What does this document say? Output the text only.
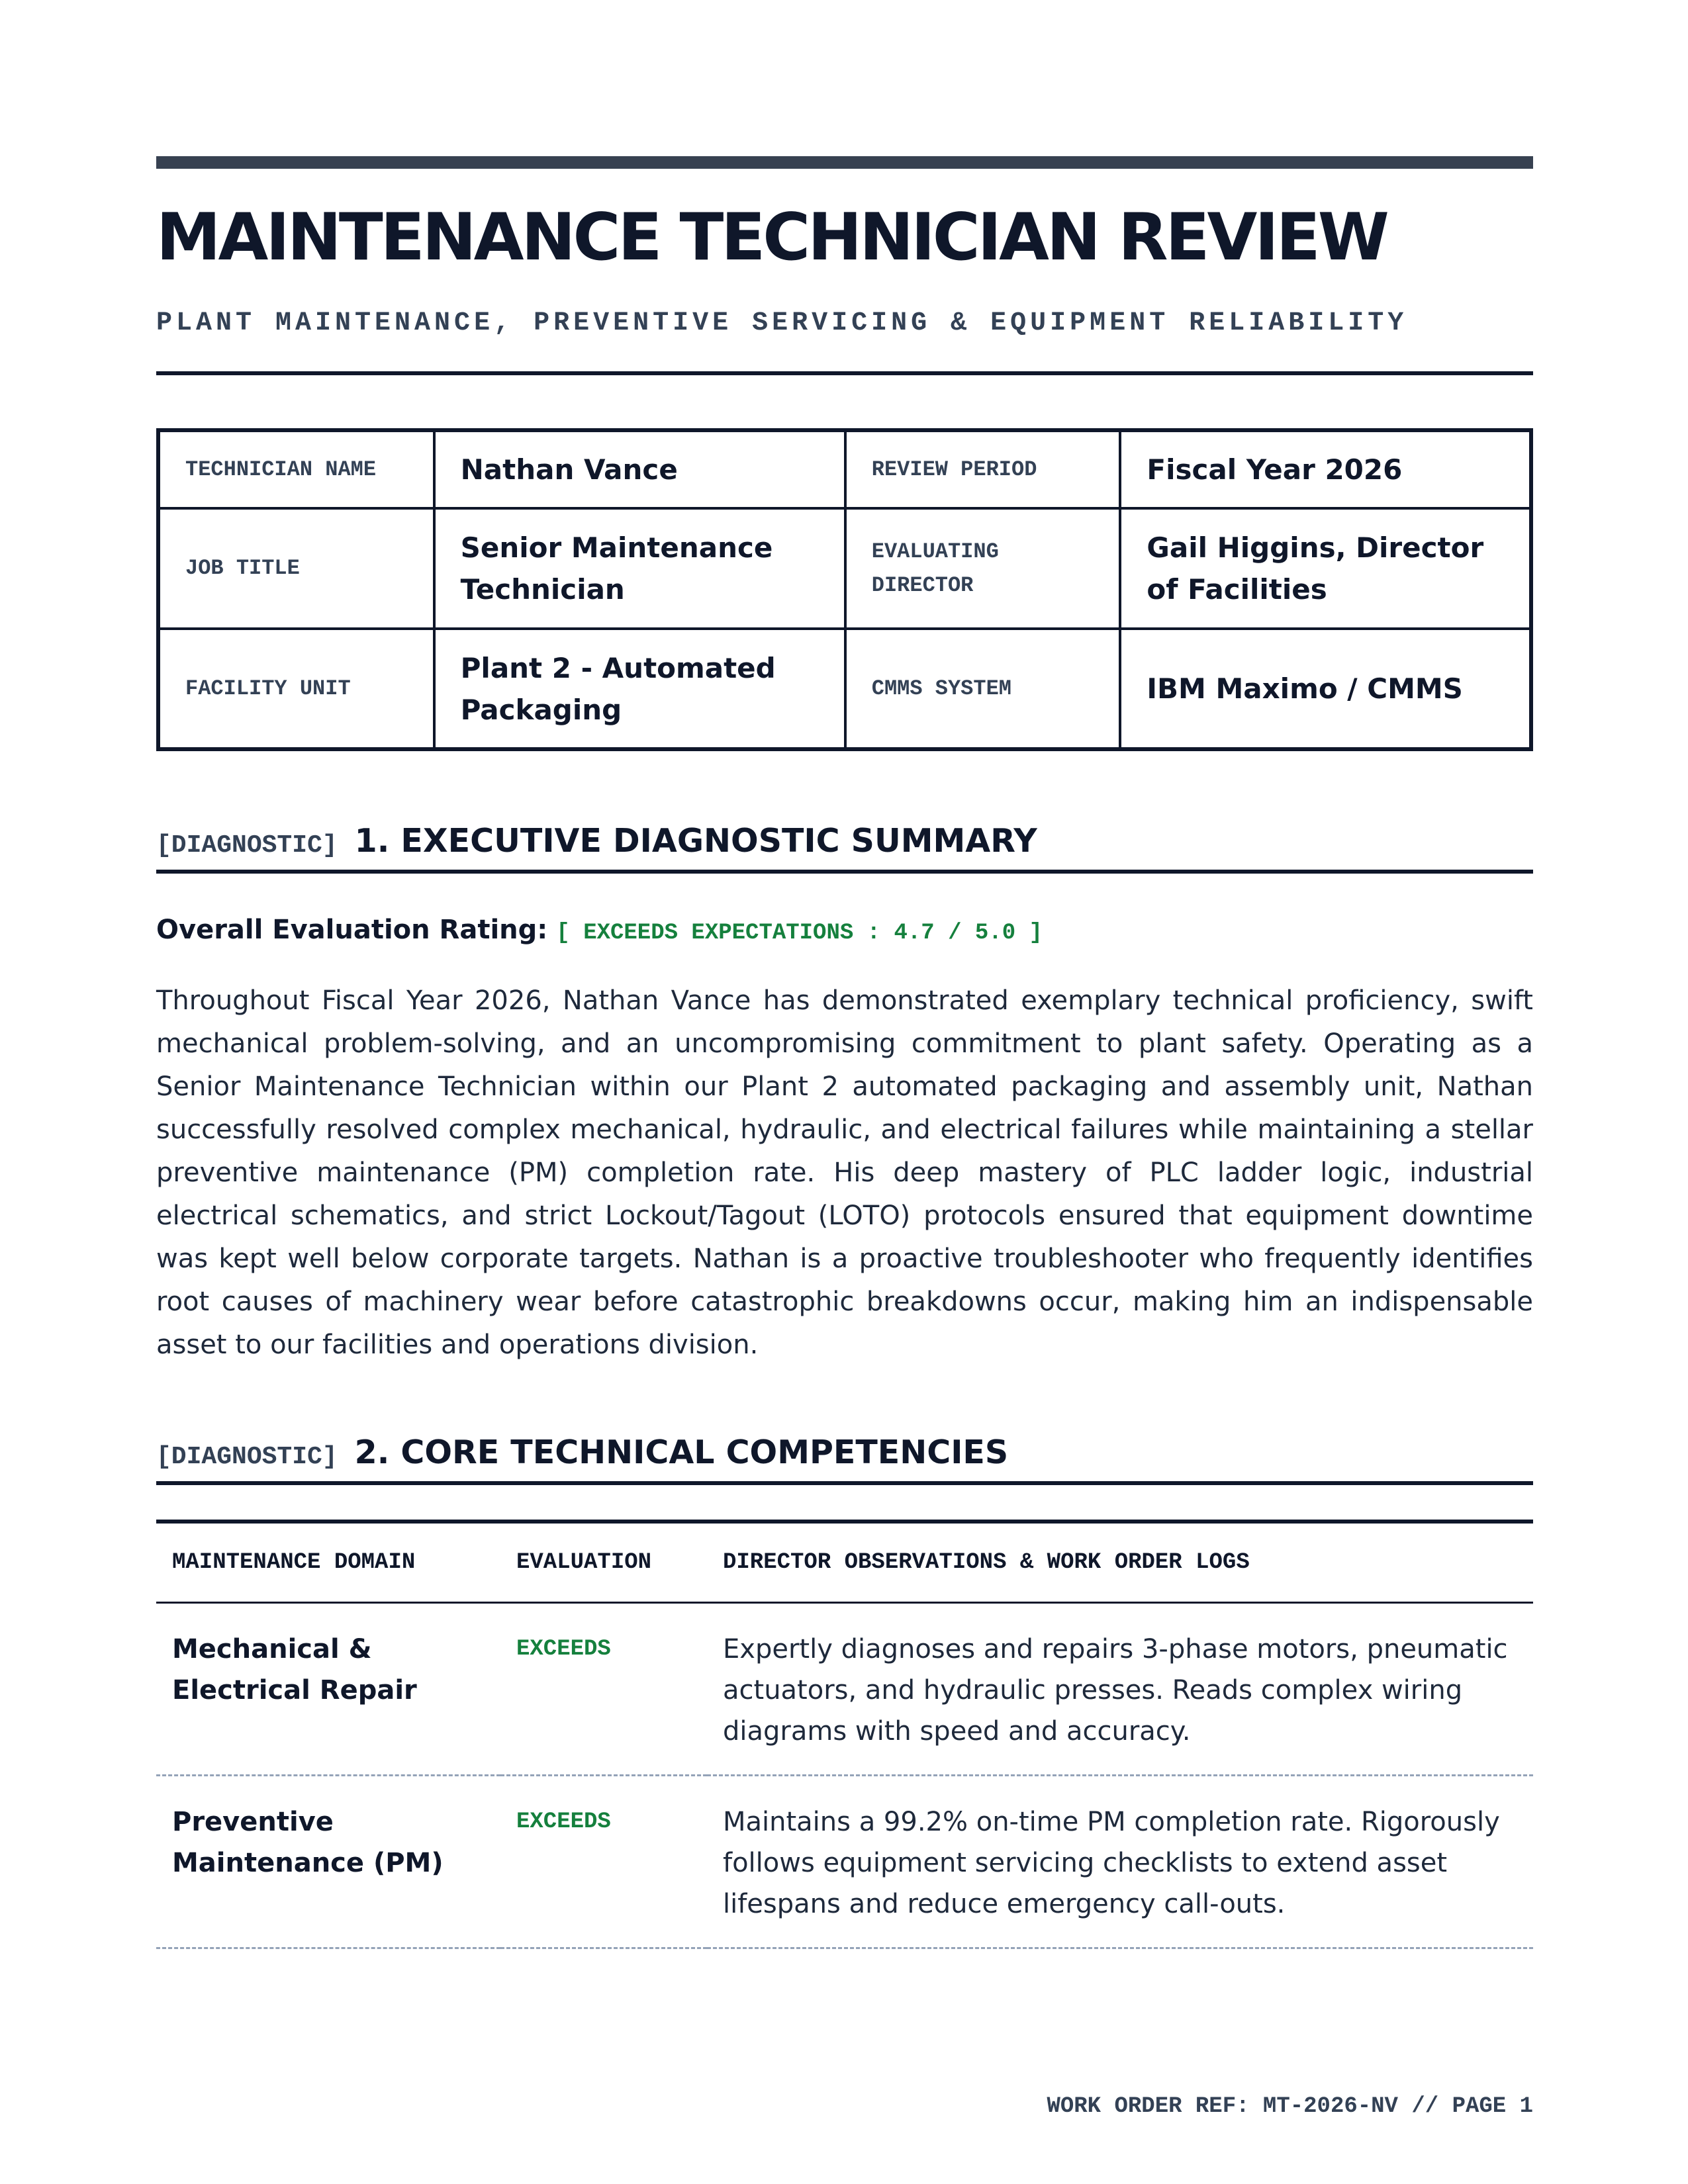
MAINTENANCE TECHNICIAN REVIEW
PLANT MAINTENANCE, PREVENTIVE SERVICING & EQUIPMENT RELIABILITY
TECHNICIAN NAME	Nathan Vance	REVIEW PERIOD	Fiscal Year 2026
JOB TITLE	Senior Maintenance Technician	EVALUATING DIRECTOR	Gail Higgins, Director of Facilities
FACILITY UNIT	Plant 2 - Automated Packaging	CMMS SYSTEM	IBM Maximo / CMMS
[DIAGNOSTIC] 1. EXECUTIVE DIAGNOSTIC SUMMARY
Overall Evaluation Rating: [ EXCEEDS EXPECTATIONS : 4.7 / 5.0 ]

Throughout Fiscal Year 2026, Nathan Vance has demonstrated exemplary technical proficiency, swift mechanical problem-solving, and an uncompromising commitment to plant safety. Operating as a Senior Maintenance Technician within our Plant 2 automated packaging and assembly unit, Nathan successfully resolved complex mechanical, hydraulic, and electrical failures while maintaining a stellar preventive maintenance (PM) completion rate. His deep mastery of PLC ladder logic, industrial electrical schematics, and strict Lockout/Tagout (LOTO) protocols ensured that equipment downtime was kept well below corporate targets. Nathan is a proactive troubleshooter who frequently identifies root causes of machinery wear before catastrophic breakdowns occur, making him an indispensable asset to our facilities and operations division.

[DIAGNOSTIC] 2. CORE TECHNICAL COMPETENCIES
MAINTENANCE DOMAIN	EVALUATION	DIRECTOR OBSERVATIONS & WORK ORDER LOGS
Mechanical & Electrical Repair	EXCEEDS	Expertly diagnoses and repairs 3-phase motors, pneumatic actuators, and hydraulic presses. Reads complex wiring diagrams with speed and accuracy.
Preventive Maintenance (PM)	EXCEEDS	Maintains a 99.2% on-time PM completion rate. Rigorously follows equipment servicing checklists to extend asset lifespans and reduce emergency call-outs.
WORK ORDER REF: MT-2026-NV // PAGE 1
